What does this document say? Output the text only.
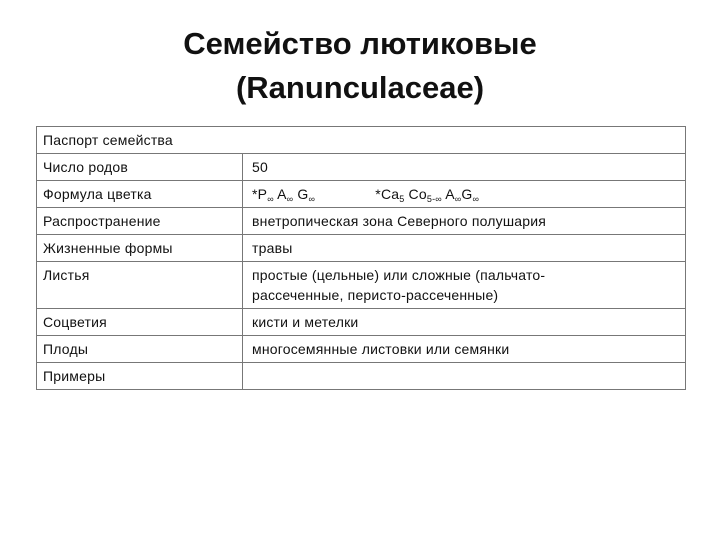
Семейство лютиковые
(Ranunculaceae)
Паспорт семейства	
Число родов	50
Формула цветка	$*P_\infty$ $A_\infty$ $G_\infty$ $*Ca_5$ $Co_{5-\infty}$ $A_\infty G_\infty$
Распространение	внетропическая зона Северного полушария
Жизненные формы	травы
Листья	простые (цельные) или сложные (пальчато-
рассеченные, перисто-рассеченные)
Соцветия	кисти и метелки
Плоды	многосемянные листовки или семянки
Примеры	
